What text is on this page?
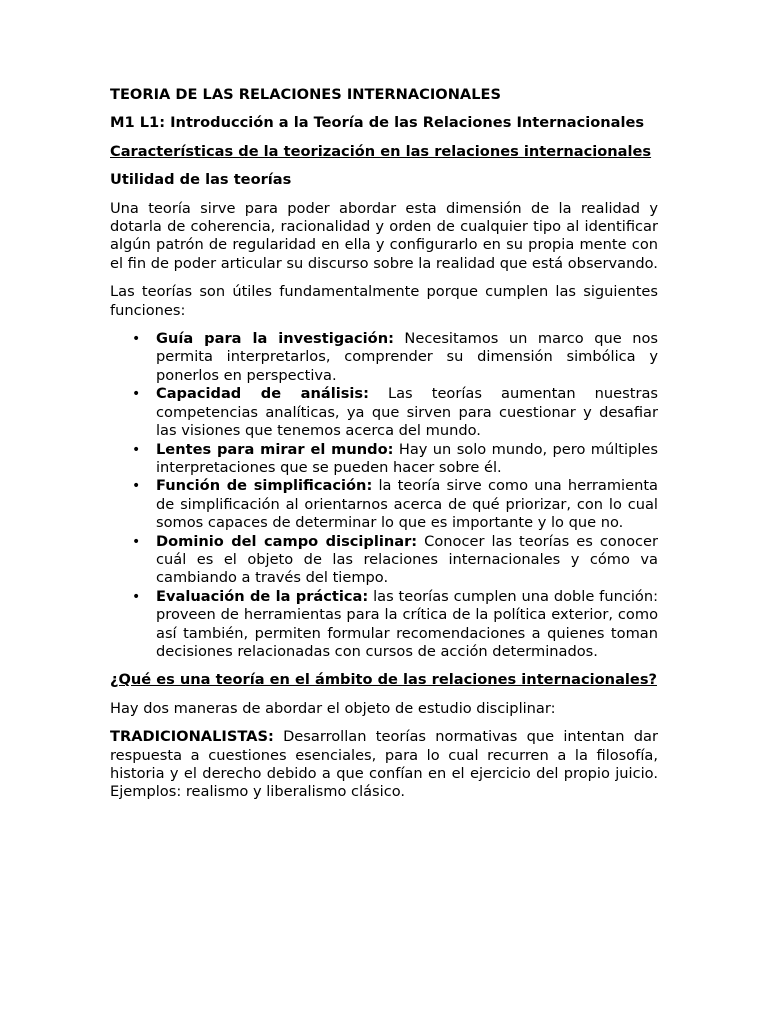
TEORIA DE LAS RELACIONES INTERNACIONALES
M1 L1: Introducción a la Teoría de las Relaciones Internacionales
Características de la teorización en las relaciones internacionales
Utilidad de las teorías

Una teoría sirve para poder abordar esta dimensión de la realidad y dotarla de coherencia, racionalidad y orden de cualquier tipo al identificar algún patrón de regularidad en ella y configurarlo en su propia mente con el fin de poder articular su discurso sobre la realidad que está observando.

Las teorías son útiles fundamentalmente porque cumplen las siguientes funciones:

• Guía para la investigación: Necesitamos un marco que nos permita interpretarlos, comprender su dimensión simbólica y ponerlos en perspectiva.
• Capacidad de análisis: Las teorías aumentan nuestras competencias analíticas, ya que sirven para cuestionar y desafiar las visiones que tenemos acerca del mundo.
• Lentes para mirar el mundo: Hay un solo mundo, pero múltiples interpretaciones que se pueden hacer sobre él.
• Función de simplificación: la teoría sirve como una herramienta de simplificación al orientarnos acerca de qué priorizar, con lo cual somos capaces de determinar lo que es importante y lo que no.
• Dominio del campo disciplinar: Conocer las teorías es conocer cuál es el objeto de las relaciones internacionales y cómo va cambiando a través del tiempo.
• Evaluación de la práctica: las teorías cumplen una doble función: proveen de herramientas para la crítica de la política exterior, como así también, permiten formular recomendaciones a quienes toman decisiones relacionadas con cursos de acción determinados.
¿Qué es una teoría en el ámbito de las relaciones internacionales?

Hay dos maneras de abordar el objeto de estudio disciplinar:

TRADICIONALISTAS: Desarrollan teorías normativas que intentan dar respuesta a cuestiones esenciales, para lo cual recurren a la filosofía, historia y el derecho debido a que confían en el ejercicio del propio juicio. Ejemplos: realismo y liberalismo clásico.
